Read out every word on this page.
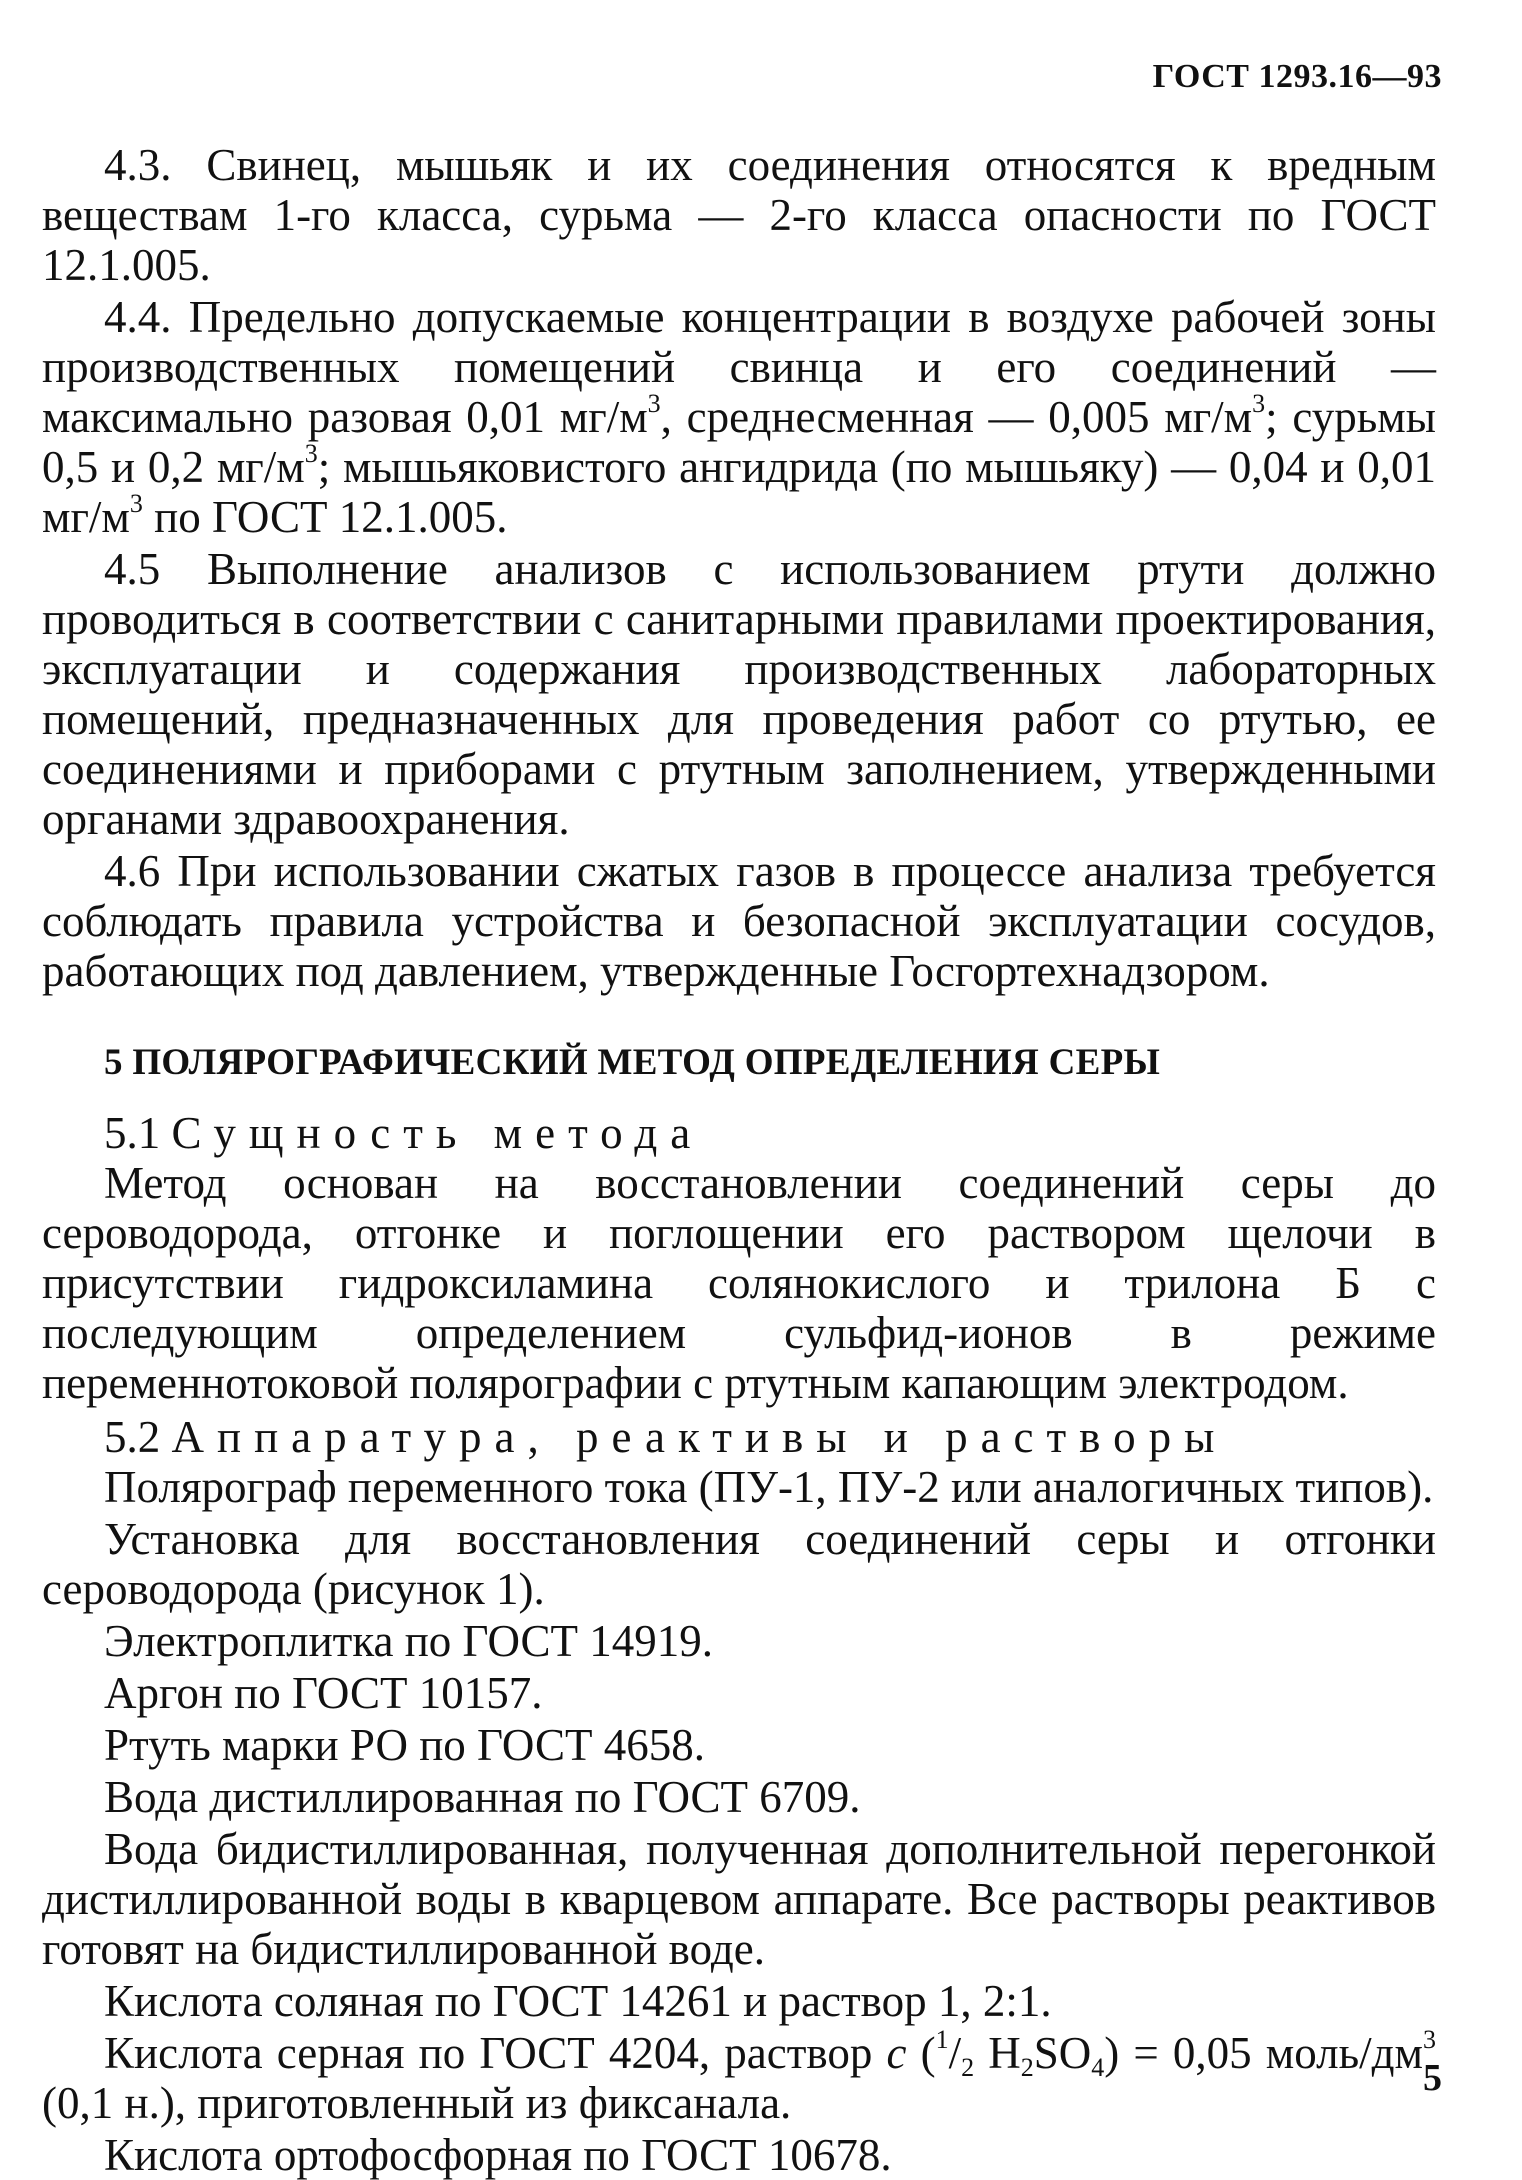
ГОСТ 1293.16—93

4.3. Свинец, мышьяк и их соединения относятся к вредным веществам 1-го класса, сурьма — 2-го класса опасности по ГОСТ 12.1.005.

4.4. Предельно допускаемые концентрации в воздухе рабочей зоны производственных помещений свинца и его соединений — максимально разовая 0,01 $мг/м^3$, среднесменная — 0,005 $мг/м^3$; сурьмы 0,5 и 0,2 $мг/м^3$; мышьяковистого ангидрида (по мышьяку) — 0,04 и 0,01 $мг/м^3$ по ГОСТ 12.1.005.

4.5 Выполнение анализов с использованием ртути должно проводиться в соответствии с санитарными правилами проектирования, эксплуатации и содержания производственных лабораторных помещений, предназначенных для проведения работ со ртутью, ее соединениями и приборами с ртутным заполнением, утвержденными органами здравоохранения.

4.6 При использовании сжатых газов в процессе анализа требуется соблюдать правила устройства и безопасной эксплуатации сосудов, работающих под давлением, утвержденные Госгортехнадзором.

5 ПОЛЯРОГРАФИЧЕСКИЙ МЕТОД ОПРЕДЕЛЕНИЯ СЕРЫ

5.1 Сущность метода

Метод основан на восстановлении соединений серы до сероводорода, отгонке и поглощении его раствором щелочи в присутствии гидроксиламина солянокислого и трилона Б с последующим определением сульфид-ионов в режиме переменнотоковой полярографии с ртутным капающим электродом.

5.2 Аппаратура, реактивы и растворы

Полярограф переменного тока (ПУ-1, ПУ-2 или аналогичных типов).

Установка для восстановления соединений серы и отгонки сероводорода (рисунок 1).

Электроплитка по ГОСТ 14919.

Аргон по ГОСТ 10157.

Ртуть марки РО по ГОСТ 4658.

Вода дистиллированная по ГОСТ 6709.

Вода бидистиллированная, полученная дополнительной перегонкой дистиллированной воды в кварцевом аппарате. Все растворы реактивов готовят на бидистиллированной воде.

Кислота соляная по ГОСТ 14261 и раствор 1, 2:1.

Кислота серная по ГОСТ 4204, раствор c ($^1/_2$ $H_2SO_4) = 0,05$ моль/$дм^3$ (0,1 н.), приготовленный из фиксанала.

Кислота ортофосфорная по ГОСТ 10678.

5
